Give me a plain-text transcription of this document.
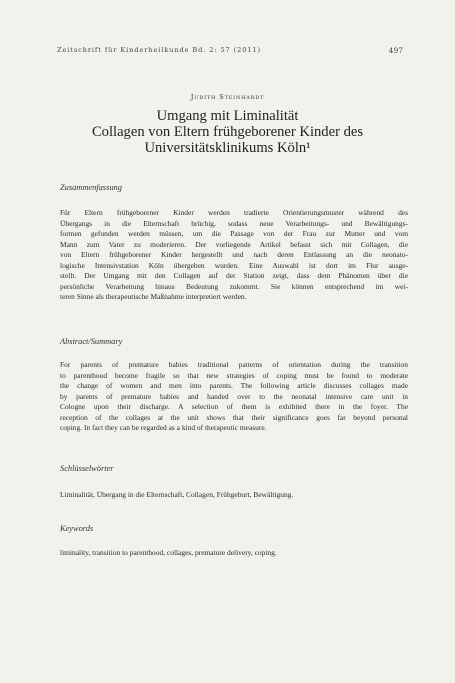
Zeitschrift für Kinderheilkunde Bd. 2: 57 (2011)	497
Judith Steinhardt
Umgang mit Liminalität
Collagen von Eltern frühgeborener Kinder des
Universitätsklinikums Köln¹
Zusammenfassung
Für Eltern frühgeborener Kinder werden tradierte Orientierungsmuster während des
Übergangs in die Elternschaft brüchig, sodass neue Verarbeitungs- und Bewältigungs-
formen gefunden werden müssen, um die Passage von der Frau zur Mutter und vom
Mann zum Vater zu moderieren. Der vorliegende Artikel befasst sich mit Collagen, die
von Eltern frühgeborener Kinder hergestellt und nach deren Entlassung an die neonato-
logische Intensivstation Köln übergeben wurden. Eine Auswahl ist dort im Flur ausge-
stellt. Der Umgang mit den Collagen auf der Station zeigt, dass dem Phänomen über die
persönliche Verarbeitung hinaus Bedeutung zukommt. Sie können entsprechend im wei-
teren Sinne als therapeutische Maßnahme interpretiert werden.
Abstract/Summary
For parents of premature babies traditional patterns of orientation during the transition
to parenthood become fragile so that new strategies of coping must be found to moderate
the change of women and men into parents. The following article discusses collages made
by parents of premature babies and handed over to the neonatal intensive care unit in
Cologne upon their discharge. A selection of them is exhibited there in the foyer. The
reception of the collages at the unit shows that their significance goes far beyond personal
coping. In fact they can be regarded as a kind of therapeutic measure.
Schlüsselwörter
Liminalität, Übergang in die Elternschaft, Collagen, Frühgeburt, Bewältigung.
Keywords
liminality, transition to parenthood, collages, premature delivery, coping.
